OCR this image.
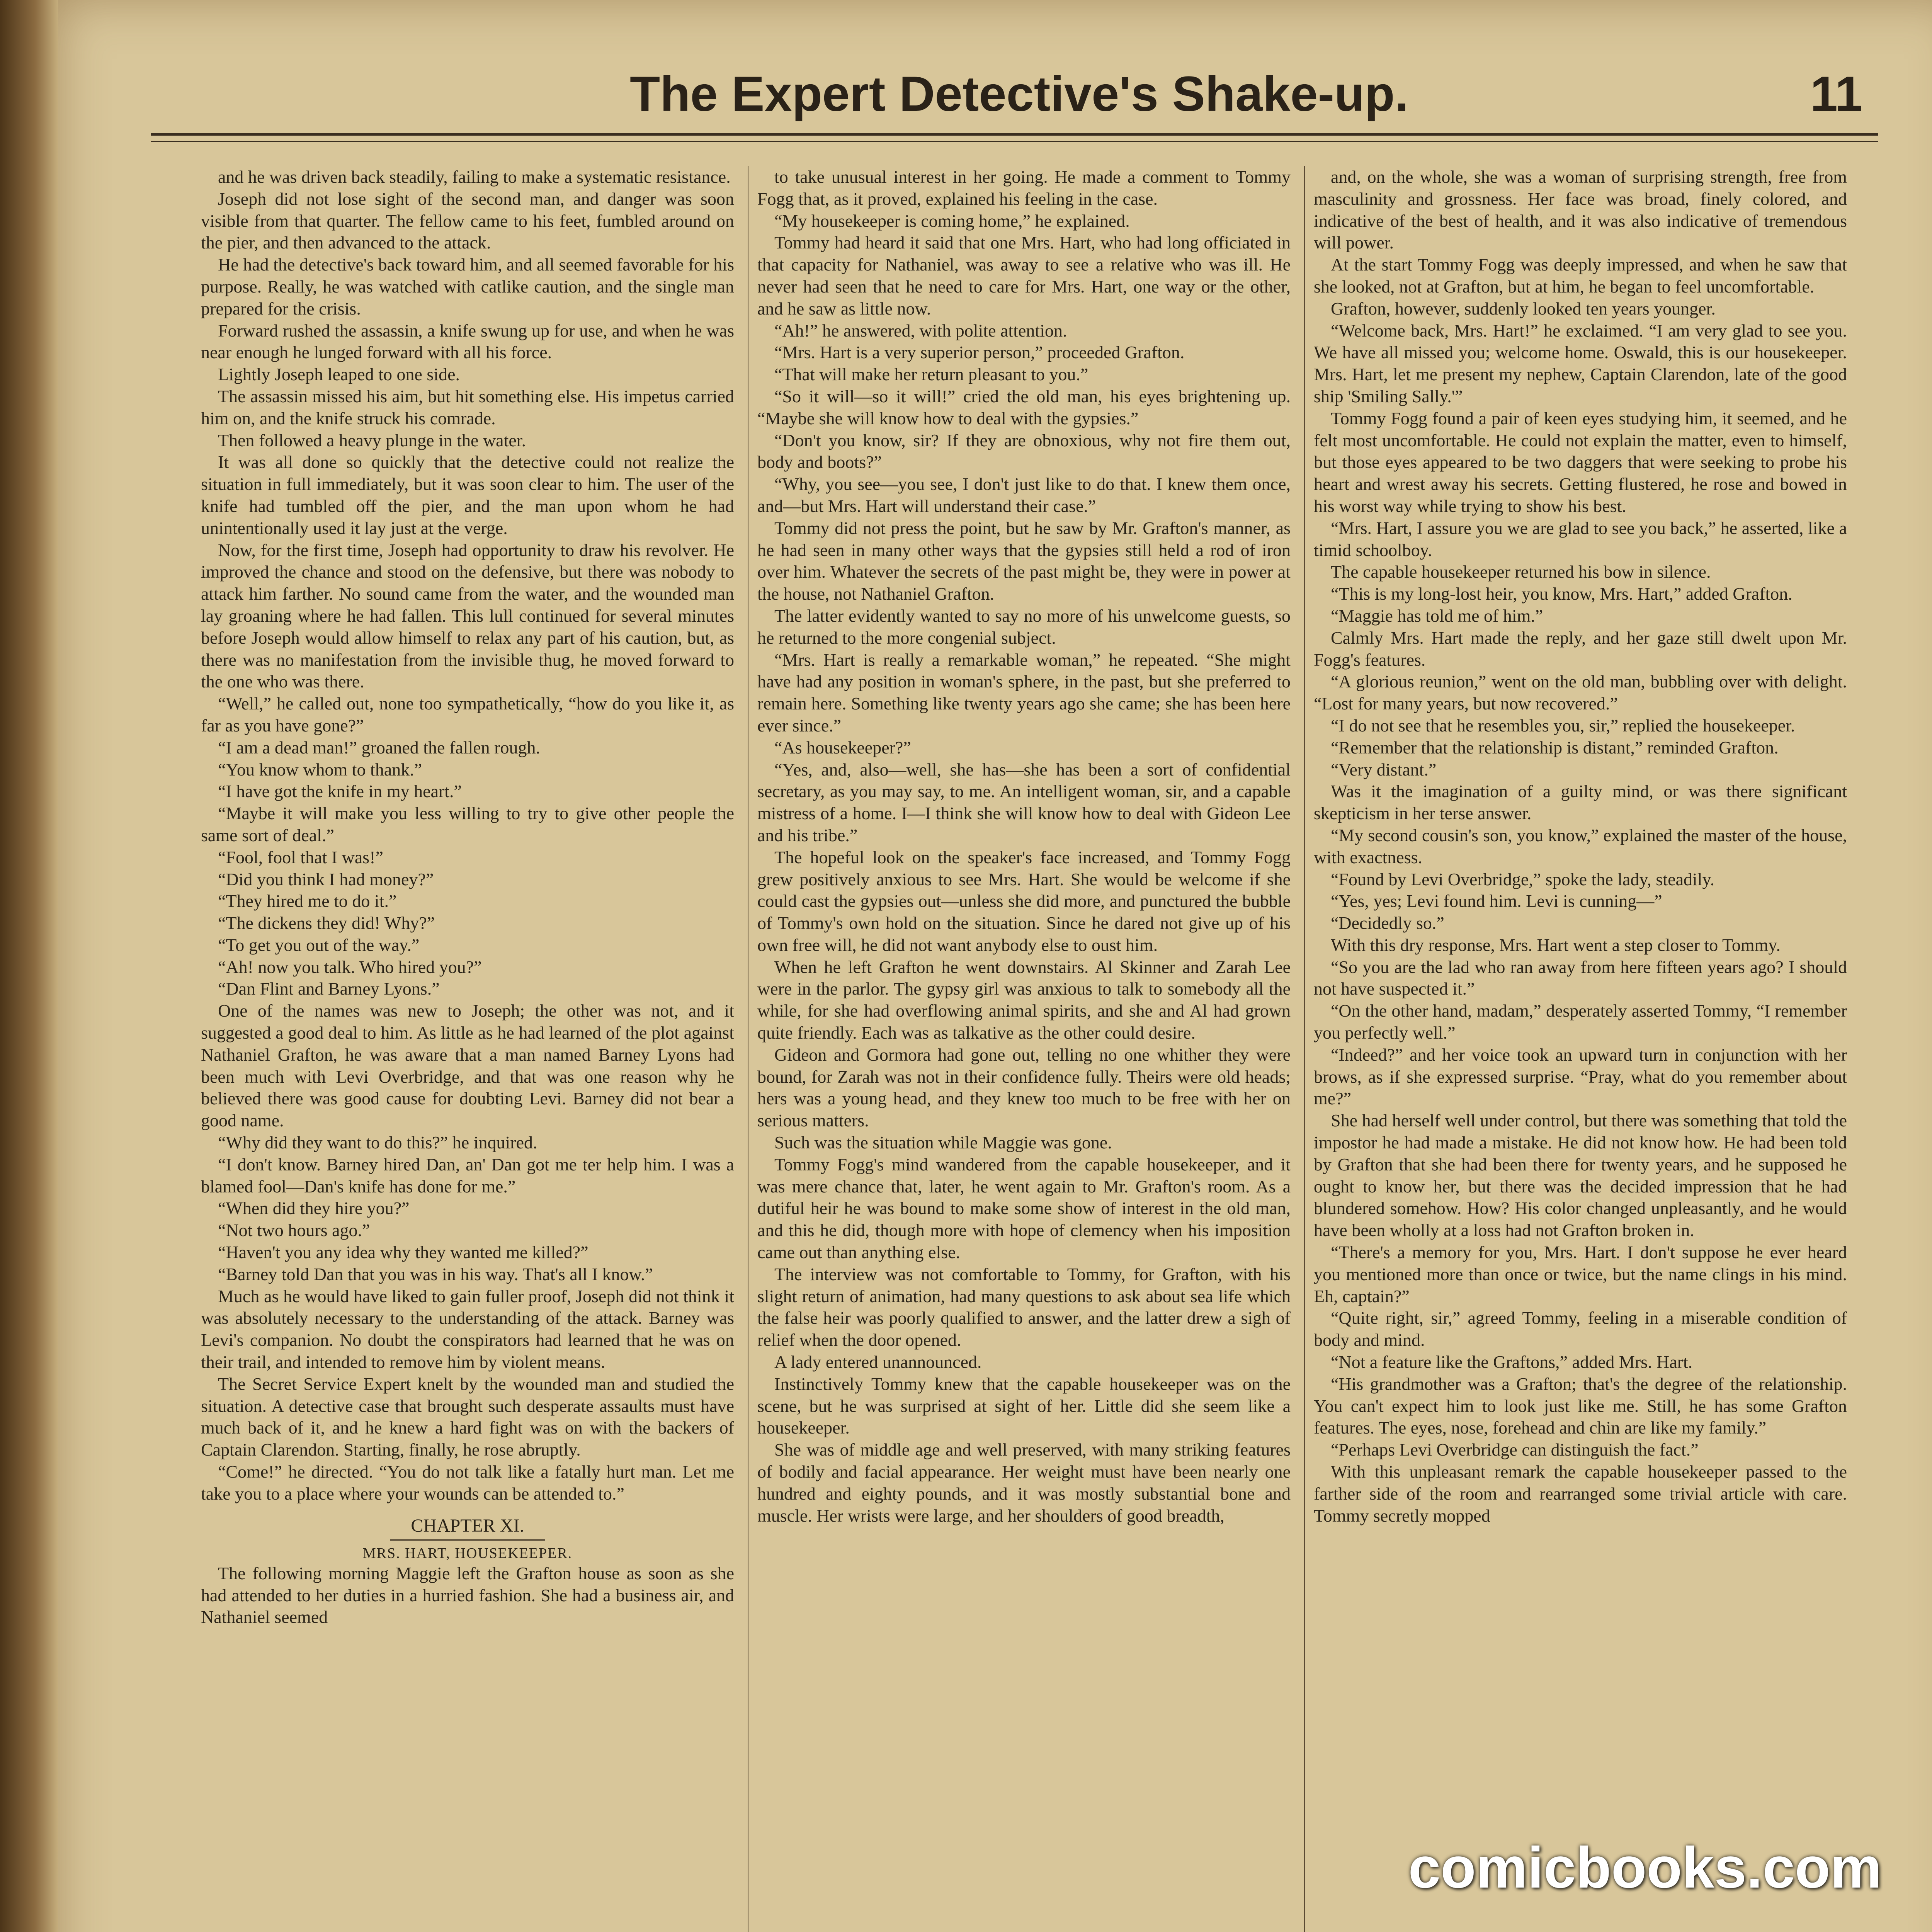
The Expert Detective's Shake-up.	11

and he was driven back steadily, failing to make a systematic resistance.

Joseph did not lose sight of the second man, and danger was soon visible from that quarter. The fellow came to his feet, fumbled around on the pier, and then advanced to the attack.

He had the detective's back toward him, and all seemed favorable for his purpose. Really, he was watched with catlike caution, and the single man prepared for the crisis.

Forward rushed the assassin, a knife swung up for use, and when he was near enough he lunged forward with all his force.

Lightly Joseph leaped to one side.

The assassin missed his aim, but hit something else. His impetus carried him on, and the knife struck his comrade.

Then followed a heavy plunge in the water.

It was all done so quickly that the detective could not realize the situation in full immediately, but it was soon clear to him. The user of the knife had tumbled off the pier, and the man upon whom he had unintentionally used it lay just at the verge.

Now, for the first time, Joseph had opportunity to draw his revolver. He improved the chance and stood on the defensive, but there was nobody to attack him farther. No sound came from the water, and the wounded man lay groaning where he had fallen. This lull continued for several minutes before Joseph would allow himself to relax any part of his caution, but, as there was no manifestation from the invisible thug, he moved forward to the one who was there.

“Well,” he called out, none too sympathetically, “how do you like it, as far as you have gone?”

“I am a dead man!” groaned the fallen rough.

“You know whom to thank.”

“I have got the knife in my heart.”

“Maybe it will make you less willing to try to give other people the same sort of deal.”

“Fool, fool that I was!”

“Did you think I had money?”

“They hired me to do it.”

“The dickens they did! Why?”

“To get you out of the way.”

“Ah! now you talk. Who hired you?”

“Dan Flint and Barney Lyons.”

One of the names was new to Joseph; the other was not, and it suggested a good deal to him. As little as he had learned of the plot against Nathaniel Grafton, he was aware that a man named Barney Lyons had been much with Levi Overbridge, and that was one reason why he believed there was good cause for doubting Levi. Barney did not bear a good name.

“Why did they want to do this?” he inquired.

“I don't know. Barney hired Dan, an' Dan got me ter help him. I was a blamed fool—Dan's knife has done for me.”

“When did they hire you?”

“Not two hours ago.”

“Haven't you any idea why they wanted me killed?”

“Barney told Dan that you was in his way. That's all I know.”

Much as he would have liked to gain fuller proof, Joseph did not think it was absolutely necessary to the understanding of the attack. Barney was Levi's companion. No doubt the conspirators had learned that he was on their trail, and intended to remove him by violent means.

The Secret Service Expert knelt by the wounded man and studied the situation. A detective case that brought such desperate assaults must have much back of it, and he knew a hard fight was on with the backers of Captain Clarendon. Starting, finally, he rose abruptly.

“Come!” he directed. “You do not talk like a fatally hurt man. Let me take you to a place where your wounds can be attended to.”

CHAPTER XI.

MRS. HART, HOUSEKEEPER.

The following morning Maggie left the Grafton house as soon as she had attended to her duties in a hurried fashion. She had a business air, and Nathaniel seemed

to take unusual interest in her going. He made a comment to Tommy Fogg that, as it proved, explained his feeling in the case.

“My housekeeper is coming home,” he explained.

Tommy had heard it said that one Mrs. Hart, who had long officiated in that capacity for Nathaniel, was away to see a relative who was ill. He never had seen that he need to care for Mrs. Hart, one way or the other, and he saw as little now.

“Ah!” he answered, with polite attention.

“Mrs. Hart is a very superior person,” proceeded Grafton.

“That will make her return pleasant to you.”

“So it will—so it will!” cried the old man, his eyes brightening up. “Maybe she will know how to deal with the gypsies.”

“Don't you know, sir? If they are obnoxious, why not fire them out, body and boots?”

“Why, you see—you see, I don't just like to do that. I knew them once, and—but Mrs. Hart will understand their case.”

Tommy did not press the point, but he saw by Mr. Grafton's manner, as he had seen in many other ways that the gypsies still held a rod of iron over him. Whatever the secrets of the past might be, they were in power at the house, not Nathaniel Grafton.

The latter evidently wanted to say no more of his unwelcome guests, so he returned to the more congenial subject.

“Mrs. Hart is really a remarkable woman,” he repeated. “She might have had any position in woman's sphere, in the past, but she preferred to remain here. Something like twenty years ago she came; she has been here ever since.”

“As housekeeper?”

“Yes, and, also—well, she has—she has been a sort of confidential secretary, as you may say, to me. An intelligent woman, sir, and a capable mistress of a home. I—I think she will know how to deal with Gideon Lee and his tribe.”

The hopeful look on the speaker's face increased, and Tommy Fogg grew positively anxious to see Mrs. Hart. She would be welcome if she could cast the gypsies out—unless she did more, and punctured the bubble of Tommy's own hold on the situation. Since he dared not give up of his own free will, he did not want anybody else to oust him.

When he left Grafton he went downstairs. Al Skinner and Zarah Lee were in the parlor. The gypsy girl was anxious to talk to somebody all the while, for she had overflowing animal spirits, and she and Al had grown quite friendly. Each was as talkative as the other could desire.

Gideon and Gormora had gone out, telling no one whither they were bound, for Zarah was not in their confidence fully. Theirs were old heads; hers was a young head, and they knew too much to be free with her on serious matters.

Such was the situation while Maggie was gone.

Tommy Fogg's mind wandered from the capable housekeeper, and it was mere chance that, later, he went again to Mr. Grafton's room. As a dutiful heir he was bound to make some show of interest in the old man, and this he did, though more with hope of clemency when his imposition came out than anything else.

The interview was not comfortable to Tommy, for Grafton, with his slight return of animation, had many questions to ask about sea life which the false heir was poorly qualified to answer, and the latter drew a sigh of relief when the door opened.

A lady entered unannounced.

Instinctively Tommy knew that the capable housekeeper was on the scene, but he was surprised at sight of her. Little did she seem like a housekeeper.

She was of middle age and well preserved, with many striking features of bodily and facial appearance. Her weight must have been nearly one hundred and eighty pounds, and it was mostly substantial bone and muscle. Her wrists were large, and her shoulders of good breadth,

and, on the whole, she was a woman of surprising strength, free from masculinity and grossness. Her face was broad, finely colored, and indicative of the best of health, and it was also indicative of tremendous will power.

At the start Tommy Fogg was deeply impressed, and when he saw that she looked, not at Grafton, but at him, he began to feel uncomfortable.

Grafton, however, suddenly looked ten years younger.

“Welcome back, Mrs. Hart!” he exclaimed. “I am very glad to see you. We have all missed you; welcome home. Oswald, this is our housekeeper. Mrs. Hart, let me present my nephew, Captain Clarendon, late of the good ship 'Smiling Sally.'”

Tommy Fogg found a pair of keen eyes studying him, it seemed, and he felt most uncomfortable. He could not explain the matter, even to himself, but those eyes appeared to be two daggers that were seeking to probe his heart and wrest away his secrets. Getting flustered, he rose and bowed in his worst way while trying to show his best.

“Mrs. Hart, I assure you we are glad to see you back,” he asserted, like a timid schoolboy.

The capable housekeeper returned his bow in silence.

“This is my long-lost heir, you know, Mrs. Hart,” added Grafton.

“Maggie has told me of him.”

Calmly Mrs. Hart made the reply, and her gaze still dwelt upon Mr. Fogg's features.

“A glorious reunion,” went on the old man, bubbling over with delight. “Lost for many years, but now recovered.”

“I do not see that he resembles you, sir,” replied the housekeeper.

“Remember that the relationship is distant,” reminded Grafton.

“Very distant.”

Was it the imagination of a guilty mind, or was there significant skepticism in her terse answer.

“My second cousin's son, you know,” explained the master of the house, with exactness.

“Found by Levi Overbridge,” spoke the lady, steadily.

“Yes, yes; Levi found him. Levi is cunning—”

“Decidedly so.”

With this dry response, Mrs. Hart went a step closer to Tommy.

“So you are the lad who ran away from here fifteen years ago? I should not have suspected it.”

“On the other hand, madam,” desperately asserted Tommy, “I remember you perfectly well.”

“Indeed?” and her voice took an upward turn in conjunction with her brows, as if she expressed surprise. “Pray, what do you remember about me?”

She had herself well under control, but there was something that told the impostor he had made a mistake. He did not know how. He had been told by Grafton that she had been there for twenty years, and he supposed he ought to know her, but there was the decided impression that he had blundered somehow. How? His color changed unpleasantly, and he would have been wholly at a loss had not Grafton broken in.

“There's a memory for you, Mrs. Hart. I don't suppose he ever heard you mentioned more than once or twice, but the name clings in his mind. Eh, captain?”

“Quite right, sir,” agreed Tommy, feeling in a miserable condition of body and mind.

“Not a feature like the Graftons,” added Mrs. Hart.

“His grandmother was a Grafton; that's the degree of the relationship. You can't expect him to look just like me. Still, he has some Grafton features. The eyes, nose, forehead and chin are like my family.”

“Perhaps Levi Overbridge can distinguish the fact.”

With this unpleasant remark the capable housekeeper passed to the farther side of the room and rearranged some trivial article with care. Tommy secretly mopped

comicbooks.com
